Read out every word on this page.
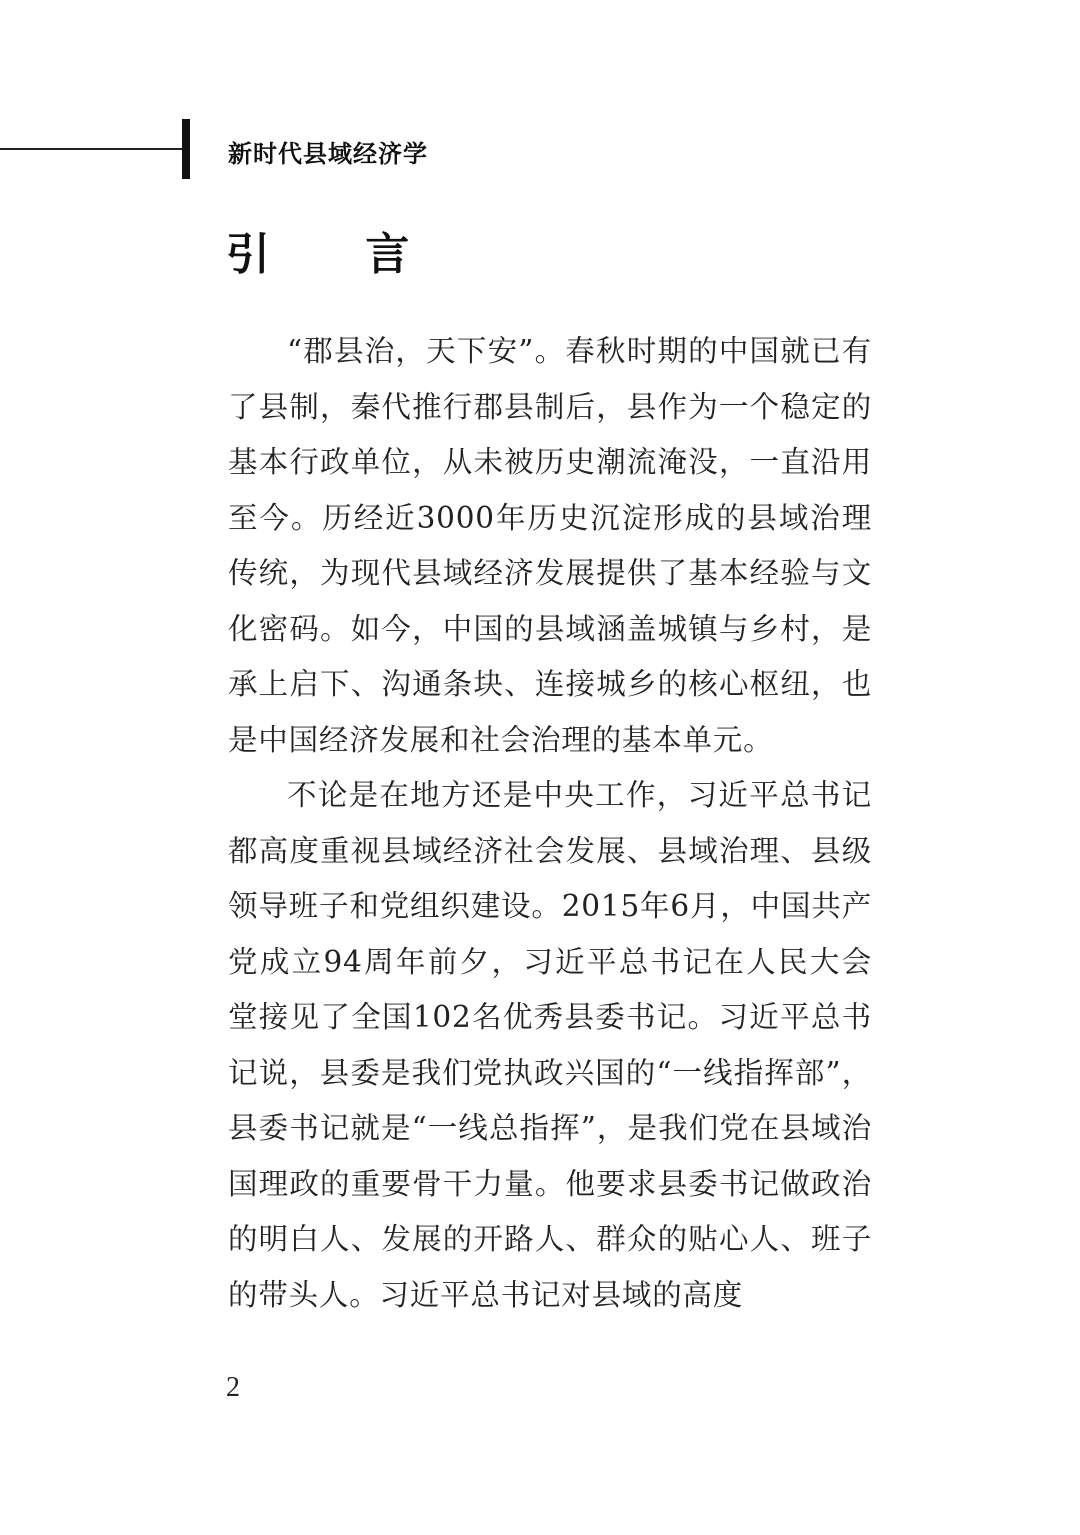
新时代县域经济学
引 言

“郡县治，天下安”。春秋时期的中国就已有了县制，秦代推行郡县制后，县作为一个稳定的基本行政单位，从未被历史潮流淹没，一直沿用至今。历经近3000年历史沉淀形成的县域治理传统，为现代县域经济发展提供了基本经验与文化密码。如今，中国的县域涵盖城镇与乡村，是承上启下、沟通条块、连接城乡的核心枢纽，也是中国经济发展和社会治理的基本单元。

不论是在地方还是中央工作，习近平总书记都高度重视县域经济社会发展、县域治理、县级领导班子和党组织建设。2015年6月，中国共产党成立94周年前夕，习近平总书记在人民大会堂接见了全国102名优秀县委书记。习近平总书记说，县委是我们党执政兴国的“一线指挥部”，县委书记就是“一线总指挥”，是我们党在县域治国理政的重要骨干力量。他要求县委书记做政治的明白人、发展的开路人、群众的贴心人、班子的带头人。习近平总书记对县域的高度

2
